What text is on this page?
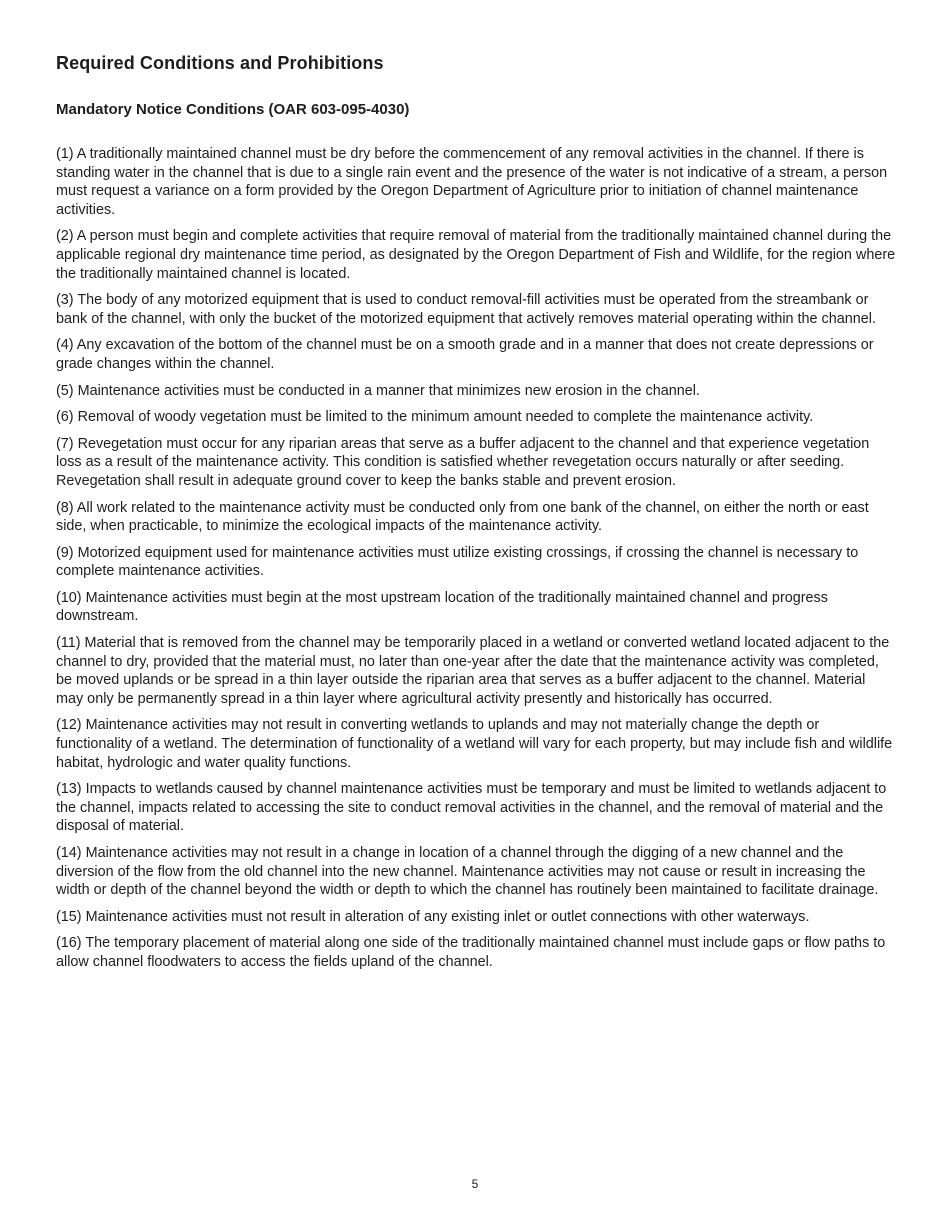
Required Conditions and Prohibitions
Mandatory Notice Conditions (OAR 603-095-4030)

(1) A traditionally maintained channel must be dry before the commencement of any removal activities in the channel. If there is standing water in the channel that is due to a single rain event and the presence of the water is not indicative of a stream, a person must request a variance on a form provided by the Oregon Department of Agriculture prior to initiation of channel maintenance activities.

(2) A person must begin and complete activities that require removal of material from the traditionally maintained channel during the applicable regional dry maintenance time period, as designated by the Oregon Department of Fish and Wildlife, for the region where the traditionally maintained channel is located.

(3) The body of any motorized equipment that is used to conduct removal-fill activities must be operated from the streambank or bank of the channel, with only the bucket of the motorized equipment that actively removes material operating within the channel.

(4) Any excavation of the bottom of the channel must be on a smooth grade and in a manner that does not create depressions or grade changes within the channel.

(5) Maintenance activities must be conducted in a manner that minimizes new erosion in the channel.

(6) Removal of woody vegetation must be limited to the minimum amount needed to complete the maintenance activity.

(7) Revegetation must occur for any riparian areas that serve as a buffer adjacent to the channel and that experience vegetation loss as a result of the maintenance activity. This condition is satisfied whether revegetation occurs naturally or after seeding. Revegetation shall result in adequate ground cover to keep the banks stable and prevent erosion.

(8) All work related to the maintenance activity must be conducted only from one bank of the channel, on either the north or east side, when practicable, to minimize the ecological impacts of the maintenance activity.

(9) Motorized equipment used for maintenance activities must utilize existing crossings, if crossing the channel is necessary to complete maintenance activities.

(10) Maintenance activities must begin at the most upstream location of the traditionally maintained channel and progress downstream.

(11) Material that is removed from the channel may be temporarily placed in a wetland or converted wetland located adjacent to the channel to dry, provided that the material must, no later than one-year after the date that the maintenance activity was completed, be moved uplands or be spread in a thin layer outside the riparian area that serves as a buffer adjacent to the channel. Material may only be permanently spread in a thin layer where agricultural activity presently and historically has occurred.

(12) Maintenance activities may not result in converting wetlands to uplands and may not materially change the depth or functionality of a wetland. The determination of functionality of a wetland will vary for each property, but may include fish and wildlife habitat, hydrologic and water quality functions.

(13) Impacts to wetlands caused by channel maintenance activities must be temporary and must be limited to wetlands adjacent to the channel, impacts related to accessing the site to conduct removal activities in the channel, and the removal of material and the disposal of material.

(14) Maintenance activities may not result in a change in location of a channel through the digging of a new channel and the diversion of the flow from the old channel into the new channel. Maintenance activities may not cause or result in increasing the width or depth of the channel beyond the width or depth to which the channel has routinely been maintained to facilitate drainage.

(15) Maintenance activities must not result in alteration of any existing inlet or outlet connections with other waterways.

(16) The temporary placement of material along one side of the traditionally maintained channel must include gaps or flow paths to allow channel floodwaters to access the fields upland of the channel.

5
